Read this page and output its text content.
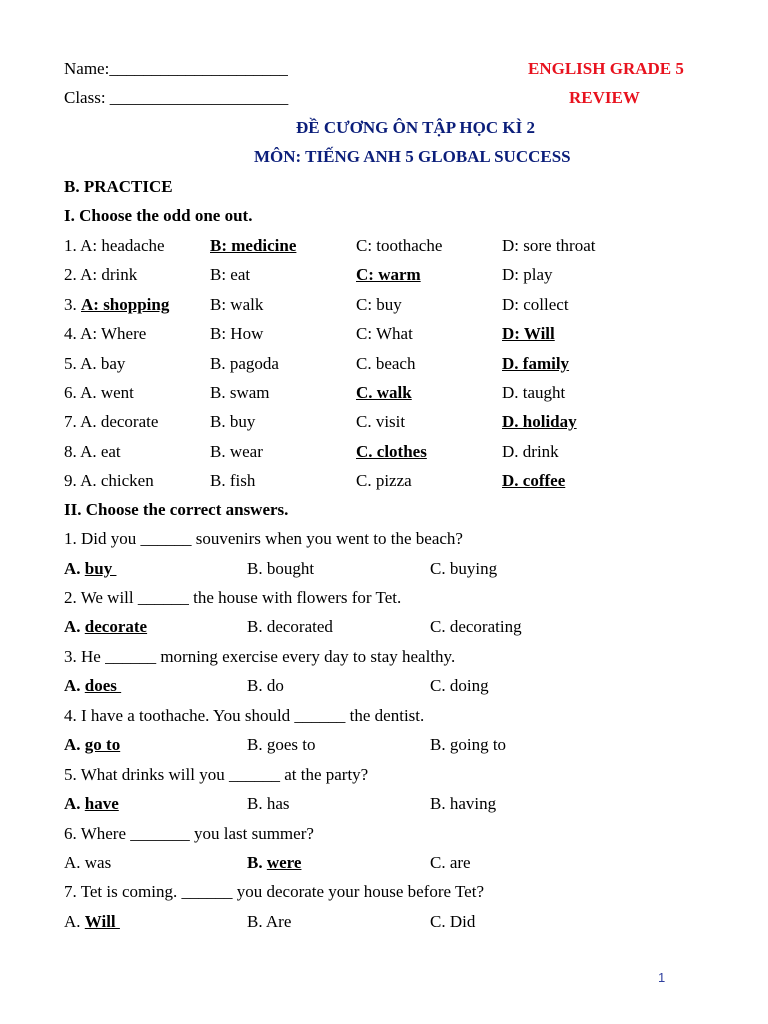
Name:_____________________	ENGLISH GRADE 5
Class: _____________________	REVIEW
ĐỀ CƯƠNG ÔN TẬP HỌC KÌ 2
MÔN: TIẾNG ANH 5 GLOBAL SUCCESS
B. PRACTICE
I. Choose the odd one out.
1. A: headache	B: medicine	C: toothache	D: sore throat
2. A: drink	B: eat	C: warm	D: play
3. A: shopping B: walk	C: buy	D: collect
4. A: Where	B: How	C: What	D: Will
5. A. bay	B. pagoda	C. beach	D. family
6. A. went	B. swam	C. walk	D. taught
7. A. decorate	B. buy	C. visit	D. holiday
8. A. eat	B. wear	C. clothes	D. drink
9. A. chicken	B. fish	C. pizza	D. coffee
II. Choose the correct answers.
1. Did you ______ souvenirs when you went to the beach?
A. buy	B. bought	C. buying
2. We will ______ the house with flowers for Tet.
A. decorate	B. decorated	C. decorating
3. He ______ morning exercise every day to stay healthy.
A. does	B. do	C. doing
4. I have a toothache. You should ______ the dentist.
A. go to	B. goes to	B. going to
5. What drinks will you ______ at the party?
A. have	B. has	B. having
6. Where _______ you last summer?
A. was	B. were	C. are
7. Tet is coming. ______ you decorate your house before Tet?
A. Will	B. Are	C. Did
1
